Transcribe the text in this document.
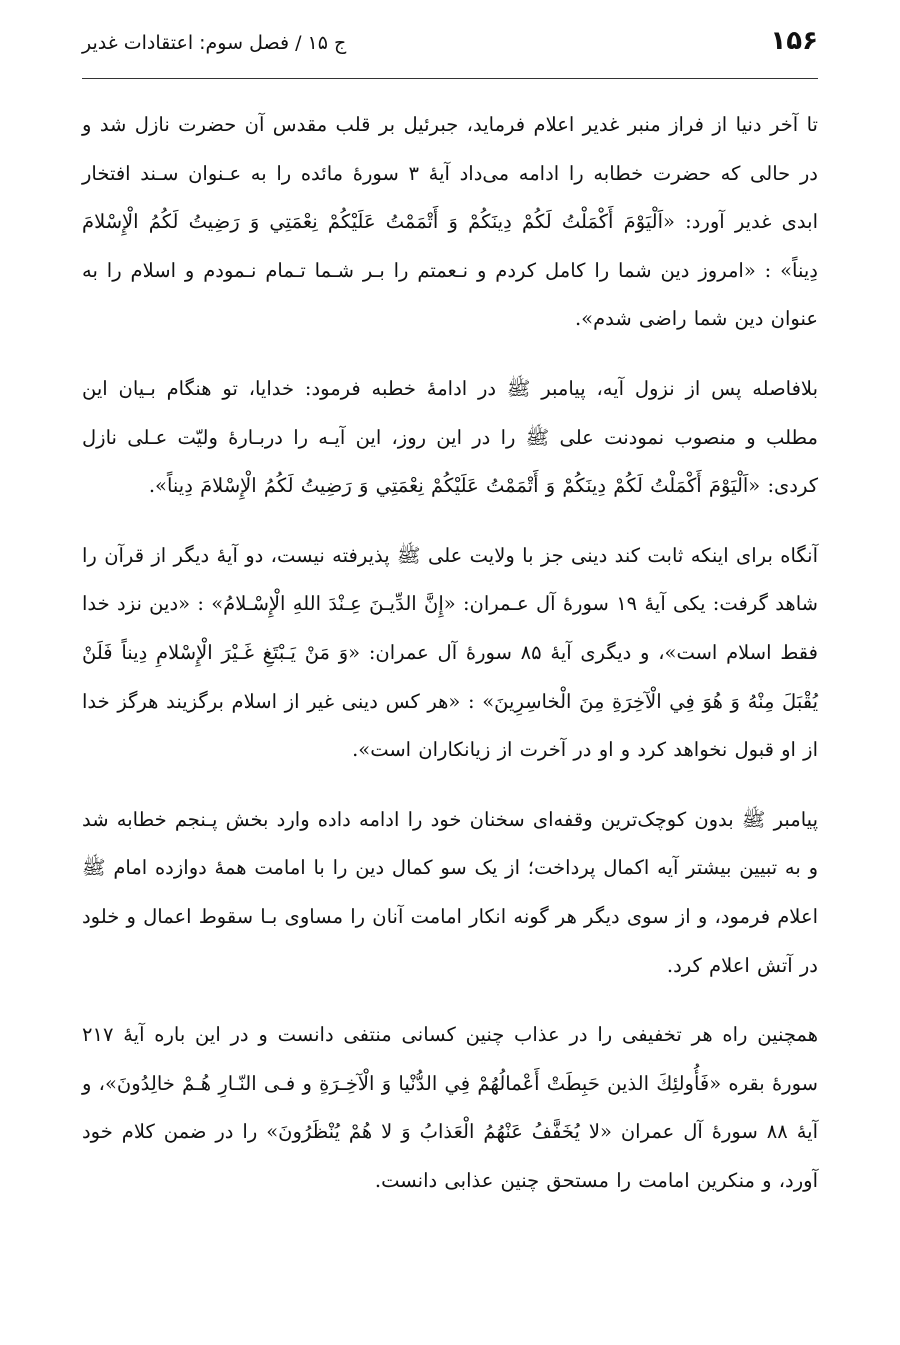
۱۵۶
ج ۱۵ / فصل سوم: اعتقادات غدیر

تا آخر دنیا از فراز منبر غدیر اعلام فرماید، جبرئیل بر قلب مقدس آن حضرت نازل شد و در حالی که حضرت خطابه را ادامه می‌داد آیهٔ ۳ سورهٔ مائده را به عـنوان سـند افتخار ابدی غدیر آورد: «اَلْيَوْمَ أَكْمَلْتُ لَكُمْ دِينَكُمْ وَ أَتْمَمْتُ عَلَيْكُمْ نِعْمَتِي وَ رَضِيتُ لَكُمُ الْإِسْلامَ دِيناً» : «امروز دین شما را کامل کردم و نـعمتم را بـر شـما تـمام نـمودم و اسلام را به عنوان دین شما راضی شدم».

بلافاصله پس از نزول آیه، پیامبر ﷺ در ادامهٔ خطبه فرمود: خدایا، تو هنگام بـیان این مطلب و منصوب نمودنت علی ﷺ را در این روز، این آیـه را دربـارهٔ ولیّت عـلی نازل کردی: «اَلْيَوْمَ أَكْمَلْتُ لَكُمْ دِينَكُمْ وَ أَتْمَمْتُ عَلَيْكُمْ نِعْمَتِي وَ رَضِيتُ لَكُمُ الْإِسْلامَ دِيناً».

آنگاه برای اینکه ثابت کند دینی جز با ولایت علی ﷺ پذیرفته نیست، دو آیهٔ دیگر از قرآن را شاهد گرفت: یکی آیهٔ ۱۹ سورهٔ آل عـمران: «إِنَّ الدِّيـنَ عِـنْدَ اللهِ الْإِسْـلامُ» : «دین نزد خدا فقط اسلام است»، و دیگری آیهٔ ۸۵ سورهٔ آل عمران: «وَ مَنْ يَـبْتَغِ غَـيْرَ الْإِسْلامِ دِيناً فَلَنْ يُقْبَلَ مِنْهُ وَ هُوَ فِي الْآخِرَةِ مِنَ الْخاسِرِينَ» : «هر کس دینی غیر از اسلام برگزیند هرگز خدا از او قبول نخواهد کرد و او در آخرت از زیانکاران است».

پیامبر ﷺ بدون کوچک‌ترین وقفه‌ای سخنان خود را ادامه داده وارد بخش پـنجم خطابه شد و به تبیین بیشتر آیه اکمال پرداخت؛ از یک سو کمال دین را با امامت همهٔ دوازده امام ﷺ اعلام فرمود، و از سوی دیگر هر گونه انکار امامت آنان را مساوی بـا سقوط اعمال و خلود در آتش اعلام کرد.

همچنین راه هر تخفیفی را در عذاب چنین کسانی منتفی دانست و در این باره آیهٔ ۲۱۷ سورهٔ بقره «فَأُولئِكَ الذين حَبِطَتْ أَعْمالُهُمْ فِي الدُّنْيا وَ الْآخِـرَةِ و فـی النّـارِ هُـمْ خالِدُونَ»، و آیهٔ ۸۸ سورهٔ آل عمران «لا يُخَفَّفُ عَنْهُمُ الْعَذابُ وَ لا هُمْ يُنْظَرُونَ» را در ضمن کلام خود آورد، و منکرین امامت را مستحق چنین عذابی دانست.
